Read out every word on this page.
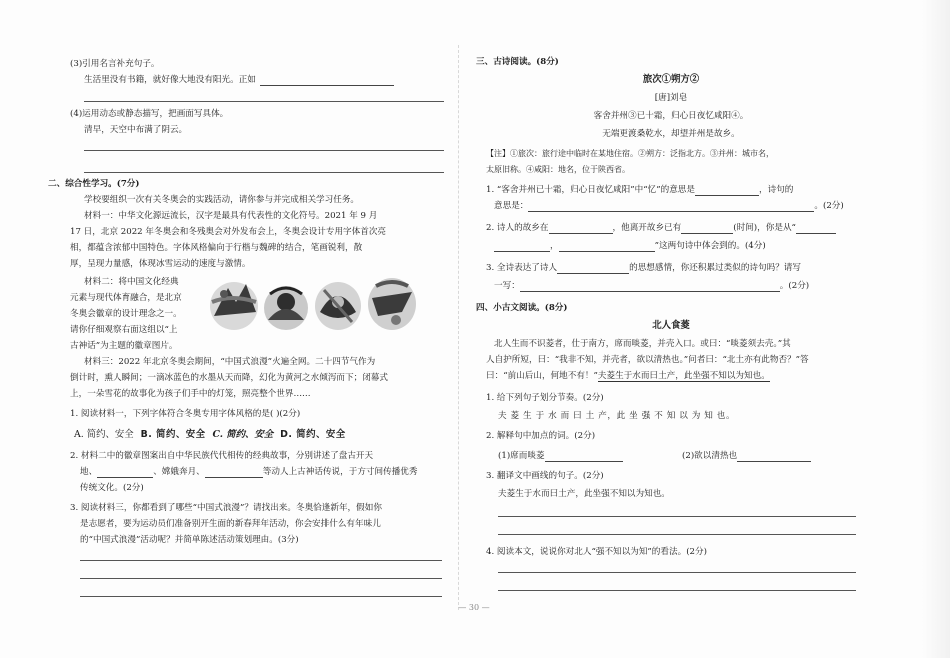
(3)引用名言补充句子。
生活里没有书籍，就好像大地没有阳光。正如
(4)运用动态或静态描写，把画面写具体。
清早，天空中布满了阴云。
二、综合性学习。(7分)
学校要组织一次有关冬奥会的实践活动，请你参与并完成相关学习任务。
材料一：中华文化源远流长，汉字是最具有代表性的文化符号。2021 年 9 月
17 日，北京 2022 年冬奥会和冬残奥会对外发布会上，冬奥会设计专用字体首次亮
相，都蕴含浓郁中国特色。字体风格偏向于行楷与魏碑的结合，笔画锐利，散
厚，呈现力量感，体现冰雪运动的速度与激情。
材料二：将中国文化经典
元素与现代体育融合，是北京
冬奥会徽章的设计理念之一。
请你仔细观察右面这组以“上
古神话”为主题的徽章图片。
材料三：2022 年北京冬奥会期间，“中国式浪漫”火遍全网。二十四节气作为
倒计时，熏人瞬间；一滴冰蓝色的水墨从天而降，幻化为黄河之水倾泻而下；闭幕式
上，一朵雪花的故事化为孩子们手中的灯笼，照亮整个世界……
1. 阅读材料一，下列字体符合冬奥专用字体风格的是( )(2分)
A. 简约、安全 B. 简约、安全 C. 简约、安全 D. 简约、安全
2. 材料二中的徽章图案出自中华民族代代相传的经典故事，分别讲述了盘古开天
地、	、嫦娥奔月、	等动人上古神话传说，于方寸间传播优秀
传统文化。(2分)
3. 阅读材料三，你都看到了哪些“中国式浪漫”？请找出来。冬奥恰逢新年，假如你
是志愿者，要为运动员们准备别开生面的新春拜年活动，你会安排什么有年味儿
的“中国式浪漫”活动呢？并简单陈述活动策划理由。(3分)
三、古诗阅读。(8分)
旅次①朔方②
[唐]刘皂
客舍并州③已十霜，归心日夜忆咸阳④。
无端更渡桑乾水，却望并州是故乡。
【注】①旅次：旅行途中临时在某地住宿。②朔方：泛指北方。③并州：城市名，
太原旧称。④咸阳：地名，位于陕西省。
1. “客舍并州已十霜，归心日夜忆咸阳”中“忆”的意思是	，诗句的
意思是：	。(2分)
2. 诗人的故乡在	，他离开故乡已有	(时间)，你是从“
，	”这两句诗中体会到的。(4分)
3. 全诗表达了诗人	的思想感情，你还积累过类似的诗句吗？请写
一写：	。(2分)
四、小古文阅读。(8分)
北人食菱
北人生而不识菱者，仕于南方，席而啖菱，并壳入口。或曰：“啖菱须去壳。”其
人自护所短，曰：“我非不知，并壳者，欲以清热也。”问者曰：“北土亦有此物否？”答
曰：“前山后山，何地不有！”夫菱生于水而曰土产，此坐强不知以为知也。
1. 给下列句子划分节奏。(2分)
夫 菱 生 于 水 而 曰 土 产，此 坐 强 不 知 以 为 知 也。
2. 解释句中加点的词。(2分)
(1)席而啖菱	(2)欲以清热也
3. 翻译文中画线的句子。(2分)
夫菱生于水而曰土产，此坐强不知以为知也。
4. 阅读本文，说说你对北人“强不知以为知”的看法。(2分)
— 30 —
